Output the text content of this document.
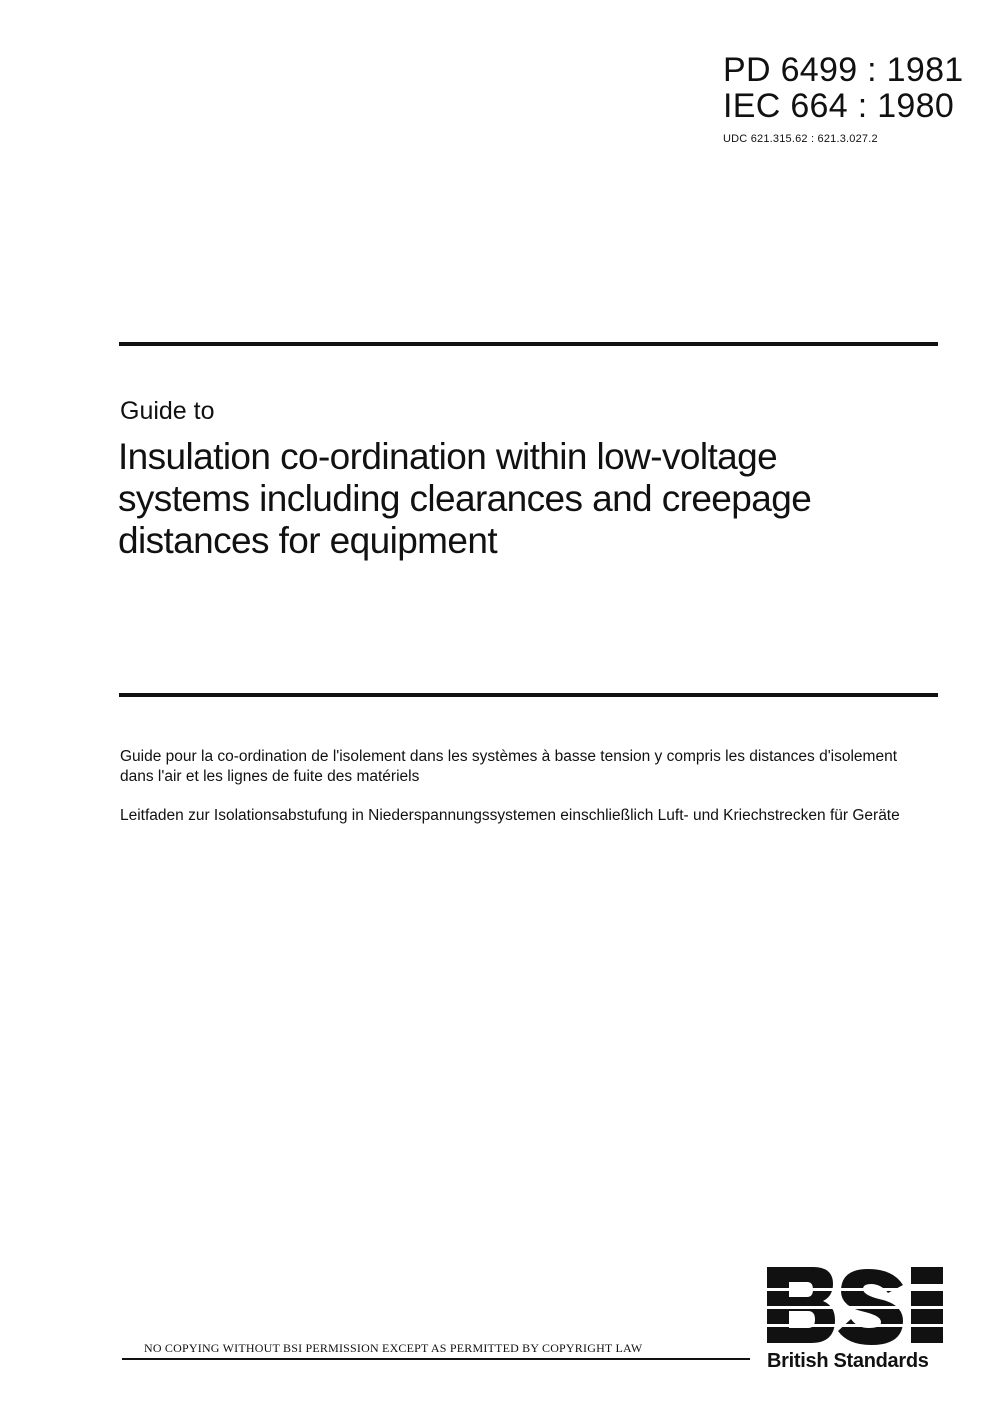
PD 6499 : 1981
IEC 664 : 1980
UDC 621.315.62 : 621.3.027.2
Guide to
Insulation co-ordination within low-voltage systems including clearances and creepage distances for equipment
Guide pour la co-ordination de l'isolement dans les systèmes à basse tension y compris les distances d'isolement dans l'air et les lignes de fuite des matériels
Leitfaden zur Isolationsabstufung in Niederspannungssystemen einschließlich Luft- und Kriechstrecken für Geräte
NO COPYING WITHOUT BSI PERMISSION EXCEPT AS PERMITTED BY COPYRIGHT LAW
British Standards
